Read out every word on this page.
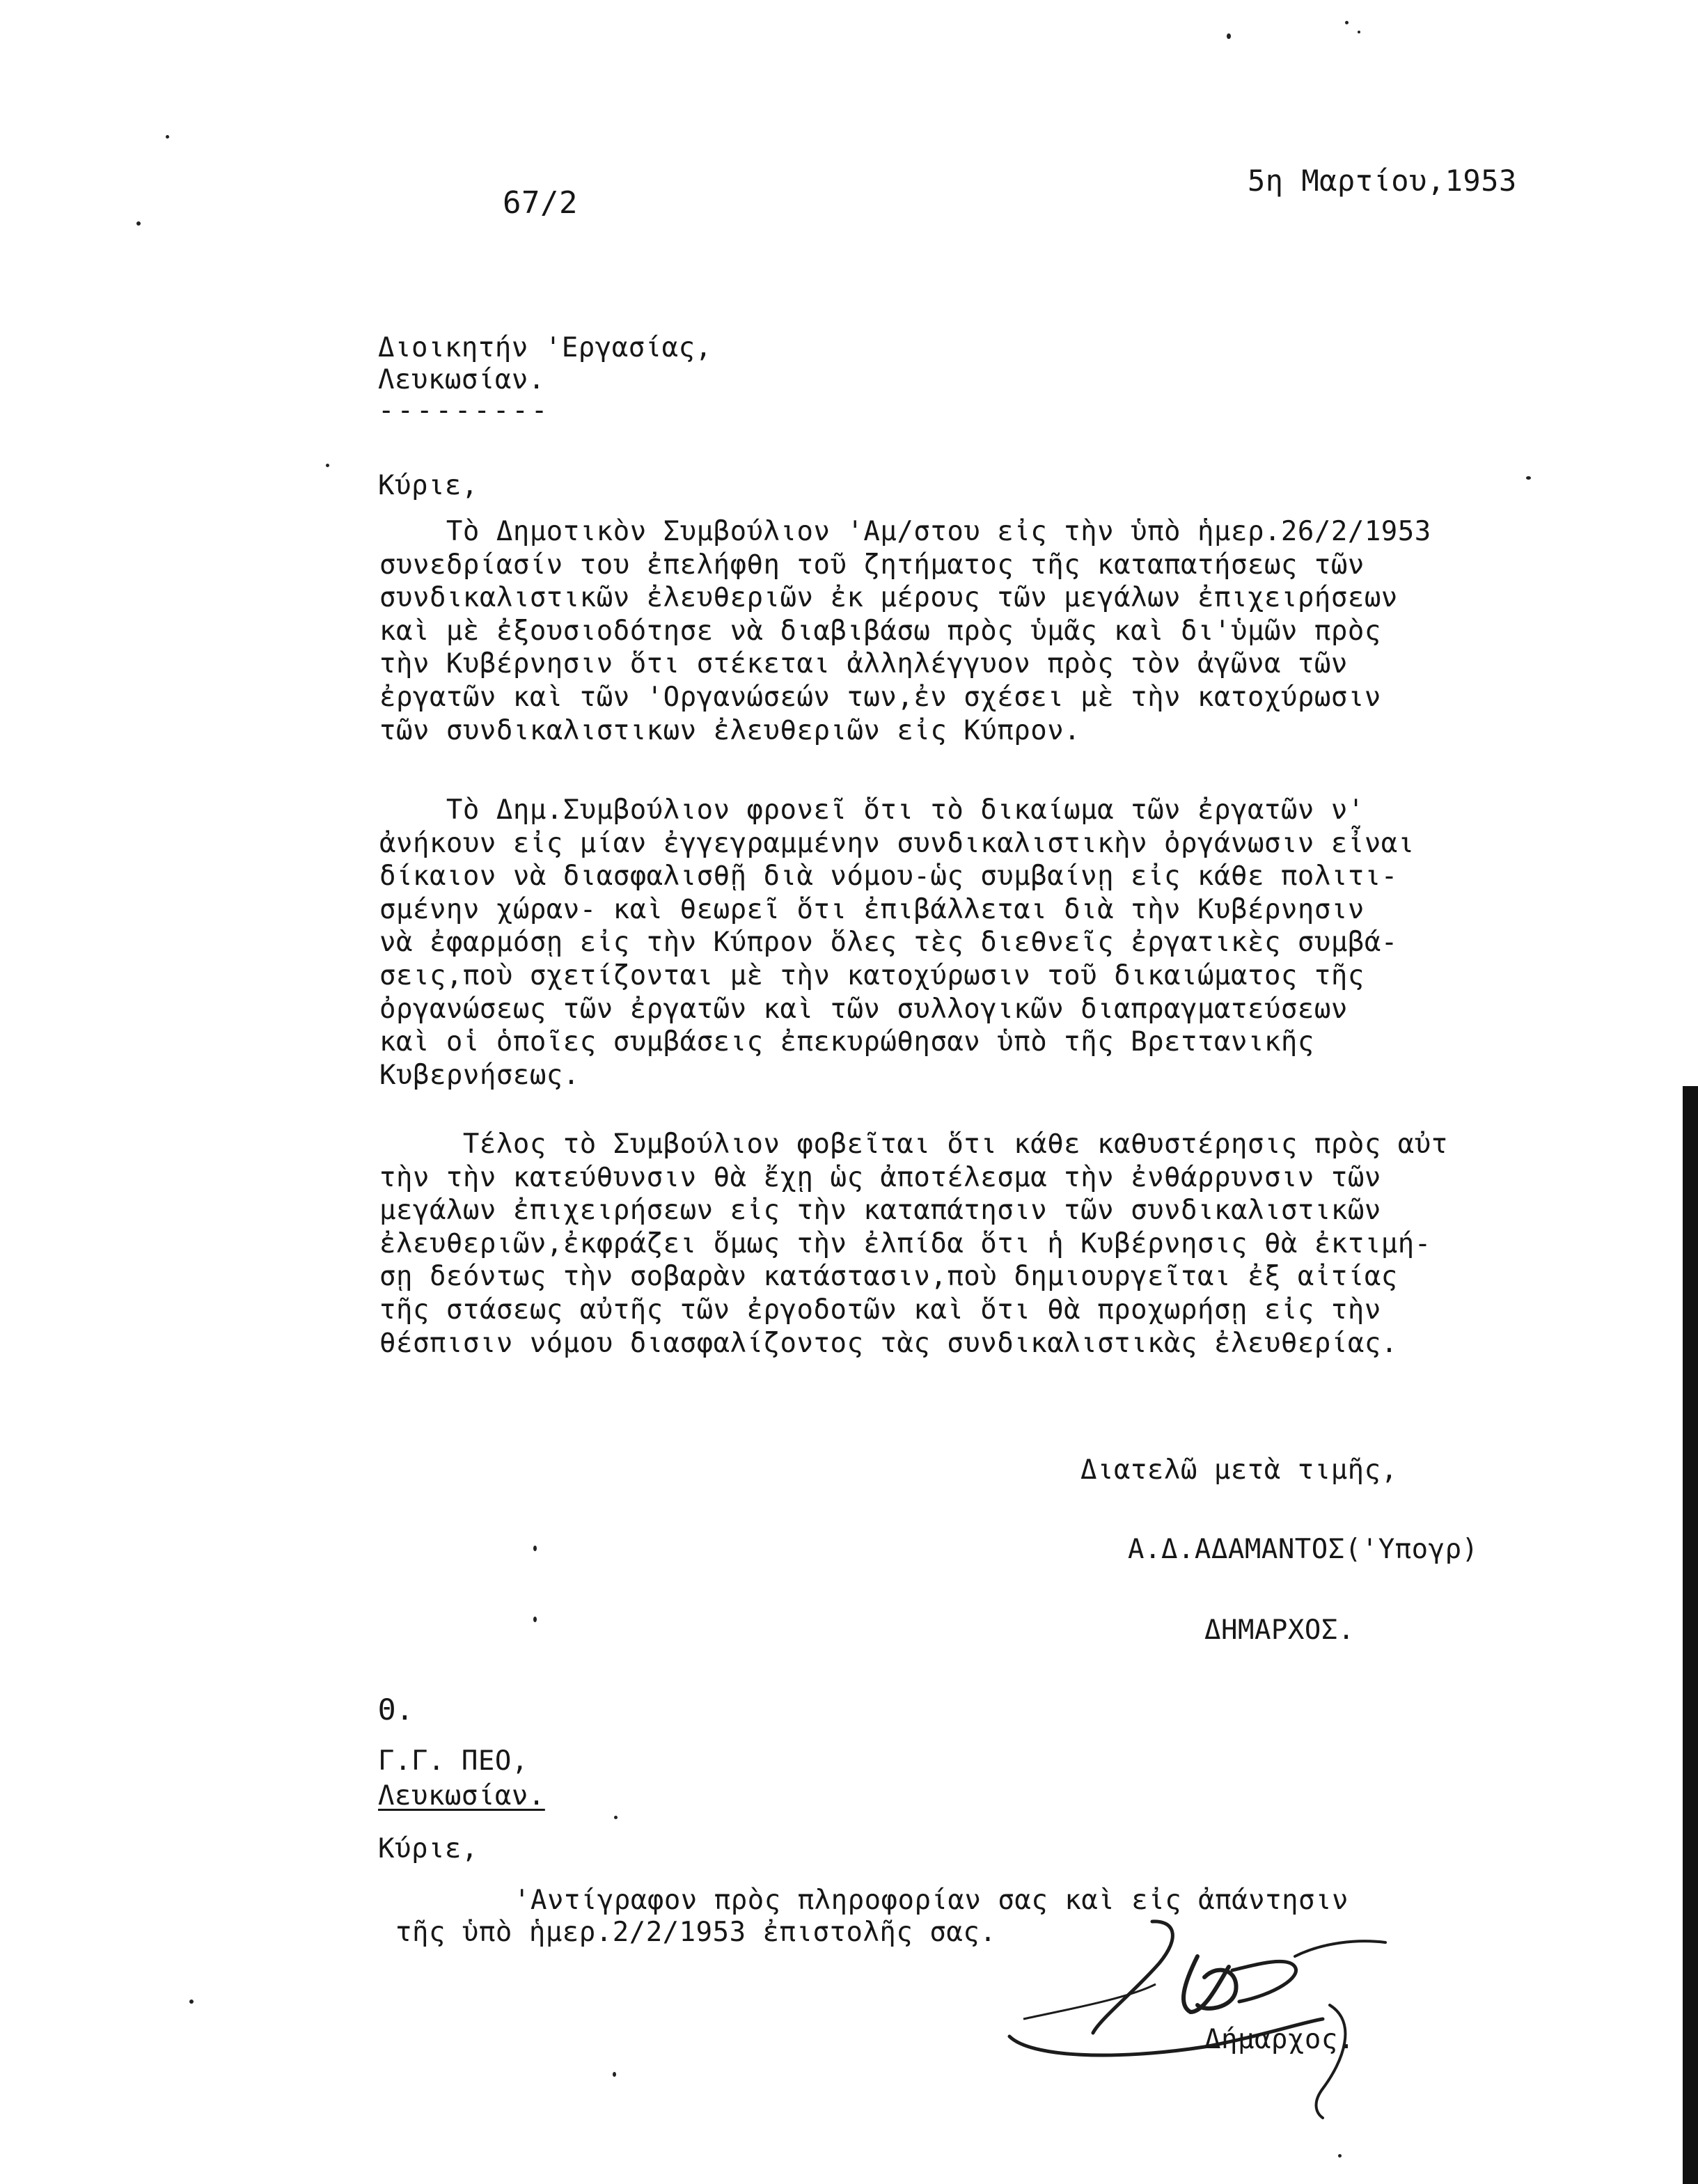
67/2
5η Μαρτίου,1953
Διοικητήν 'Εργασίας,
Λευκωσίαν.
---------
Κύριε,
Τὸ Δημοτικὸν Συμβούλιον 'Αμ/στου εἰς τὴν ὑπὸ ἡμερ.26/2/1953
συνεδρίασίν του ἐπελήφθη τοῦ ζητήματος τῆς καταπατήσεως τῶν
συνδικαλιστικῶν ἐλευθεριῶν ἐκ μέρους τῶν μεγάλων ἐπιχειρήσεων
καὶ μὲ ἐξουσιοδότησε νὰ διαβιβάσω πρὸς ὑμᾶς καὶ δι'ὑμῶν πρὸς
τὴν Κυβέρνησιν ὅτι στέκεται ἀλληλέγγυον πρὸς τὸν ἀγῶνα τῶν
ἐργατῶν καὶ τῶν 'Οργανώσεών των,ἐν σχέσει μὲ τὴν κατοχύρωσιν
τῶν συνδικαλιστικων ἐλευθεριῶν εἰς Κύπρον.
Τὸ Δημ.Συμβούλιον φρονεῖ ὅτι τὸ δικαίωμα τῶν ἐργατῶν ν'
ἀνήκουν εἰς μίαν ἐγγεγραμμένην συνδικαλιστικὴν ὀργάνωσιν εἶναι
δίκαιον νὰ διασφαλισθῇ διὰ νόμου-ὡς συμβαίνῃ εἰς κάθε πολιτι-
σμένην χώραν- καὶ θεωρεῖ ὅτι ἐπιβάλλεται διὰ τὴν Κυβέρνησιν
νὰ ἐφαρμόσῃ εἰς τὴν Κύπρον ὅλες τὲς διεθνεῖς ἐργατικὲς συμβά-
σεις,ποὺ σχετίζονται μὲ τὴν κατοχύρωσιν τοῦ δικαιώματος τῆς
ὀργανώσεως τῶν ἐργατῶν καὶ τῶν συλλογικῶν διαπραγματεύσεων
καὶ οἱ ὁποῖες συμβάσεις ἐπεκυρώθησαν ὑπὸ τῆς Βρεττανικῆς
Κυβερνήσεως.
Τέλος τὸ Συμβούλιον φοβεῖται ὅτι κάθε καθυστέρησις πρὸς αὐτ
τὴν τὴν κατεύθυνσιν θὰ ἔχῃ ὡς ἀποτέλεσμα τὴν ἐνθάρρυνσιν τῶν
μεγάλων ἐπιχειρήσεων εἰς τὴν καταπάτησιν τῶν συνδικαλιστικῶν
ἐλευθεριῶν,ἐκφράζει ὅμως τὴν ἐλπίδα ὅτι ἡ Κυβέρνησις θὰ ἐκτιμή-
σῃ δεόντως τὴν σοβαρὰν κατάστασιν,ποὺ δημιουργεῖται ἐξ αἰτίας
τῆς στάσεως αὐτῆς τῶν ἐργοδοτῶν καὶ ὅτι θὰ προχωρήσῃ εἰς τὴν
θέσπισιν νόμου διασφαλίζοντος τὰς συνδικαλιστικὰς ἐλευθερίας.
Διατελῶ μετὰ τιμῆς,
Α.Δ.ΑΔΑΜΑΝΤΟΣ('Υπογρ)
ΔΗΜΑΡΧΟΣ.
Θ.
Γ.Γ. ΠΕΟ,
Λευκωσίαν.
Κύριε,
'Αντίγραφον πρὸς πληροφορίαν σας καὶ εἰς ἀπάντησιν
τῆς ὑπὸ ἡμερ.2/2/1953 ἐπιστολῆς σας.
Δήμαρχος.
